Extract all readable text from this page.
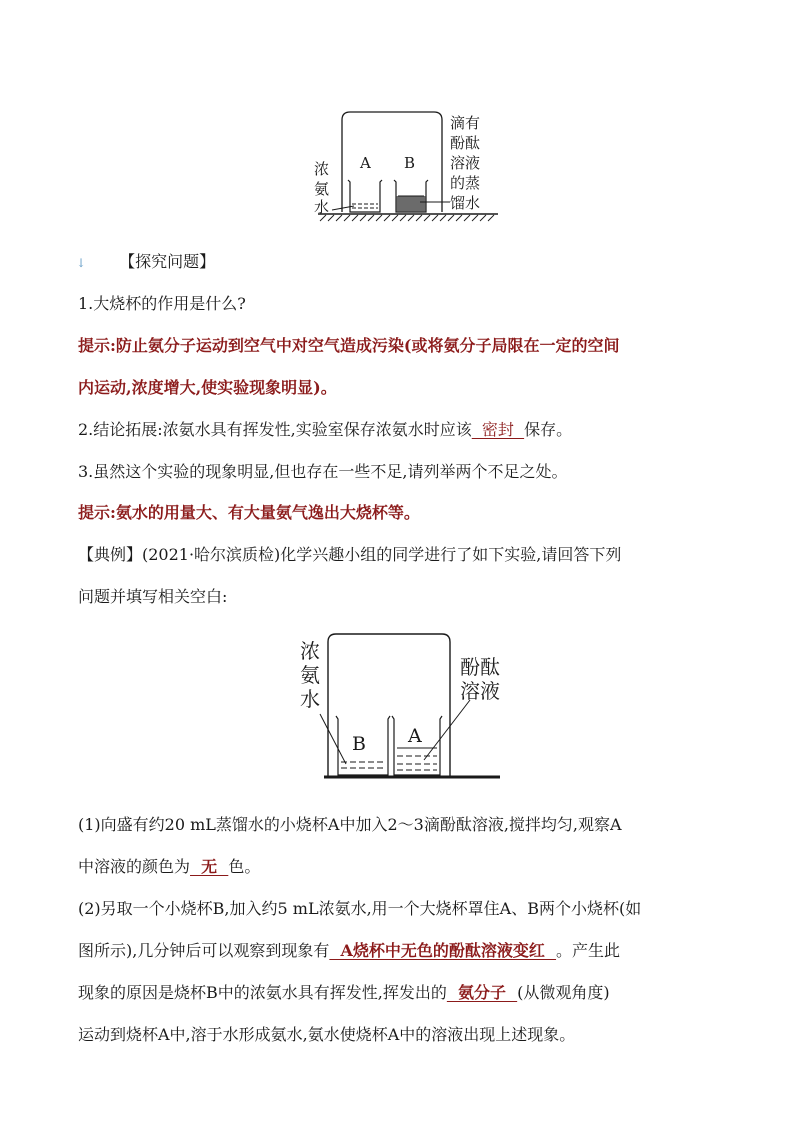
A B
浓
氨
水
滴有
酚酞
溶液
的蒸
馏水
↓ 【探究问题】
1.大烧杯的作用是什么?
提示:防止氨分子运动到空气中对空气造成污染(或将氨分子局限在一定的空间
内运动,浓度增大,使实验现象明显)。
2.结论拓展:浓氨水具有挥发性,实验室保存浓氨水时应该  密封  保存。
3.虽然这个实验的现象明显,但也存在一些不足,请列举两个不足之处。
提示:氨水的用量大、有大量氨气逸出大烧杯等。
【典例】(2021·哈尔滨质检)化学兴趣小组的同学进行了如下实验,请回答下列
问题并填写相关空白:
浓
氨
水
酚酞
溶液
B A
(1)向盛有约20 mL蒸馏水的小烧杯A中加入2～3滴酚酞溶液,搅拌均匀,观察A
中溶液的颜色为  无  色。
(2)另取一个小烧杯B,加入约5 mL浓氨水,用一个大烧杯罩住A、B两个小烧杯(如
图所示),几分钟后可以观察到现象有  A烧杯中无色的酚酞溶液变红  。产生此
现象的原因是烧杯B中的浓氨水具有挥发性,挥发出的  氨分子  (从微观角度)
运动到烧杯A中,溶于水形成氨水,氨水使烧杯A中的溶液出现上述现象。
